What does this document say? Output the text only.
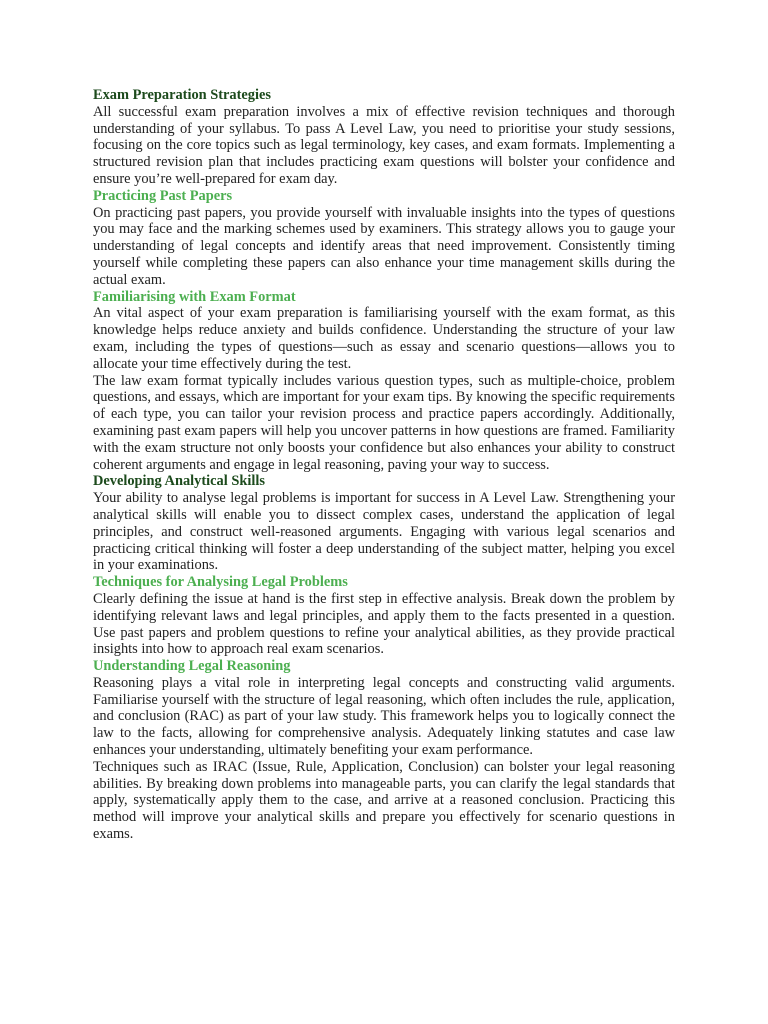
Exam Preparation Strategies

All successful exam preparation involves a mix of effective revision techniques and thorough understanding of your syllabus. To pass A Level Law, you need to prioritise your study sessions, focusing on the core topics such as legal terminology, key cases, and exam formats. Implementing a structured revision plan that includes practicing exam questions will bolster your confidence and ensure you’re well-prepared for exam day.

Practicing Past Papers

On practicing past papers, you provide yourself with invaluable insights into the types of questions you may face and the marking schemes used by examiners. This strategy allows you to gauge your understanding of legal concepts and identify areas that need improvement. Consistently timing yourself while completing these papers can also enhance your time management skills during the actual exam.

Familiarising with Exam Format

An vital aspect of your exam preparation is familiarising yourself with the exam format, as this knowledge helps reduce anxiety and builds confidence. Understanding the structure of your law exam, including the types of questions—such as essay and scenario questions—allows you to allocate your time effectively during the test.

The law exam format typically includes various question types, such as multiple-choice, problem questions, and essays, which are important for your exam tips. By knowing the specific requirements of each type, you can tailor your revision process and practice papers accordingly. Additionally, examining past exam papers will help you uncover patterns in how questions are framed. Familiarity with the exam structure not only boosts your confidence but also enhances your ability to construct coherent arguments and engage in legal reasoning, paving your way to success.

Developing Analytical Skills

Your ability to analyse legal problems is important for success in A Level Law. Strengthening your analytical skills will enable you to dissect complex cases, understand the application of legal principles, and construct well-reasoned arguments. Engaging with various legal scenarios and practicing critical thinking will foster a deep understanding of the subject matter, helping you excel in your examinations.

Techniques for Analysing Legal Problems

Clearly defining the issue at hand is the first step in effective analysis. Break down the problem by identifying relevant laws and legal principles, and apply them to the facts presented in a question. Use past papers and problem questions to refine your analytical abilities, as they provide practical insights into how to approach real exam scenarios.

Understanding Legal Reasoning

Reasoning plays a vital role in interpreting legal concepts and constructing valid arguments. Familiarise yourself with the structure of legal reasoning, which often includes the rule, application, and conclusion (RAC) as part of your law study. This framework helps you to logically connect the law to the facts, allowing for comprehensive analysis. Adequately linking statutes and case law enhances your understanding, ultimately benefiting your exam performance.

Techniques such as IRAC (Issue, Rule, Application, Conclusion) can bolster your legal reasoning abilities. By breaking down problems into manageable parts, you can clarify the legal standards that apply, systematically apply them to the case, and arrive at a reasoned conclusion. Practicing this method will improve your analytical skills and prepare you effectively for scenario questions in exams.
